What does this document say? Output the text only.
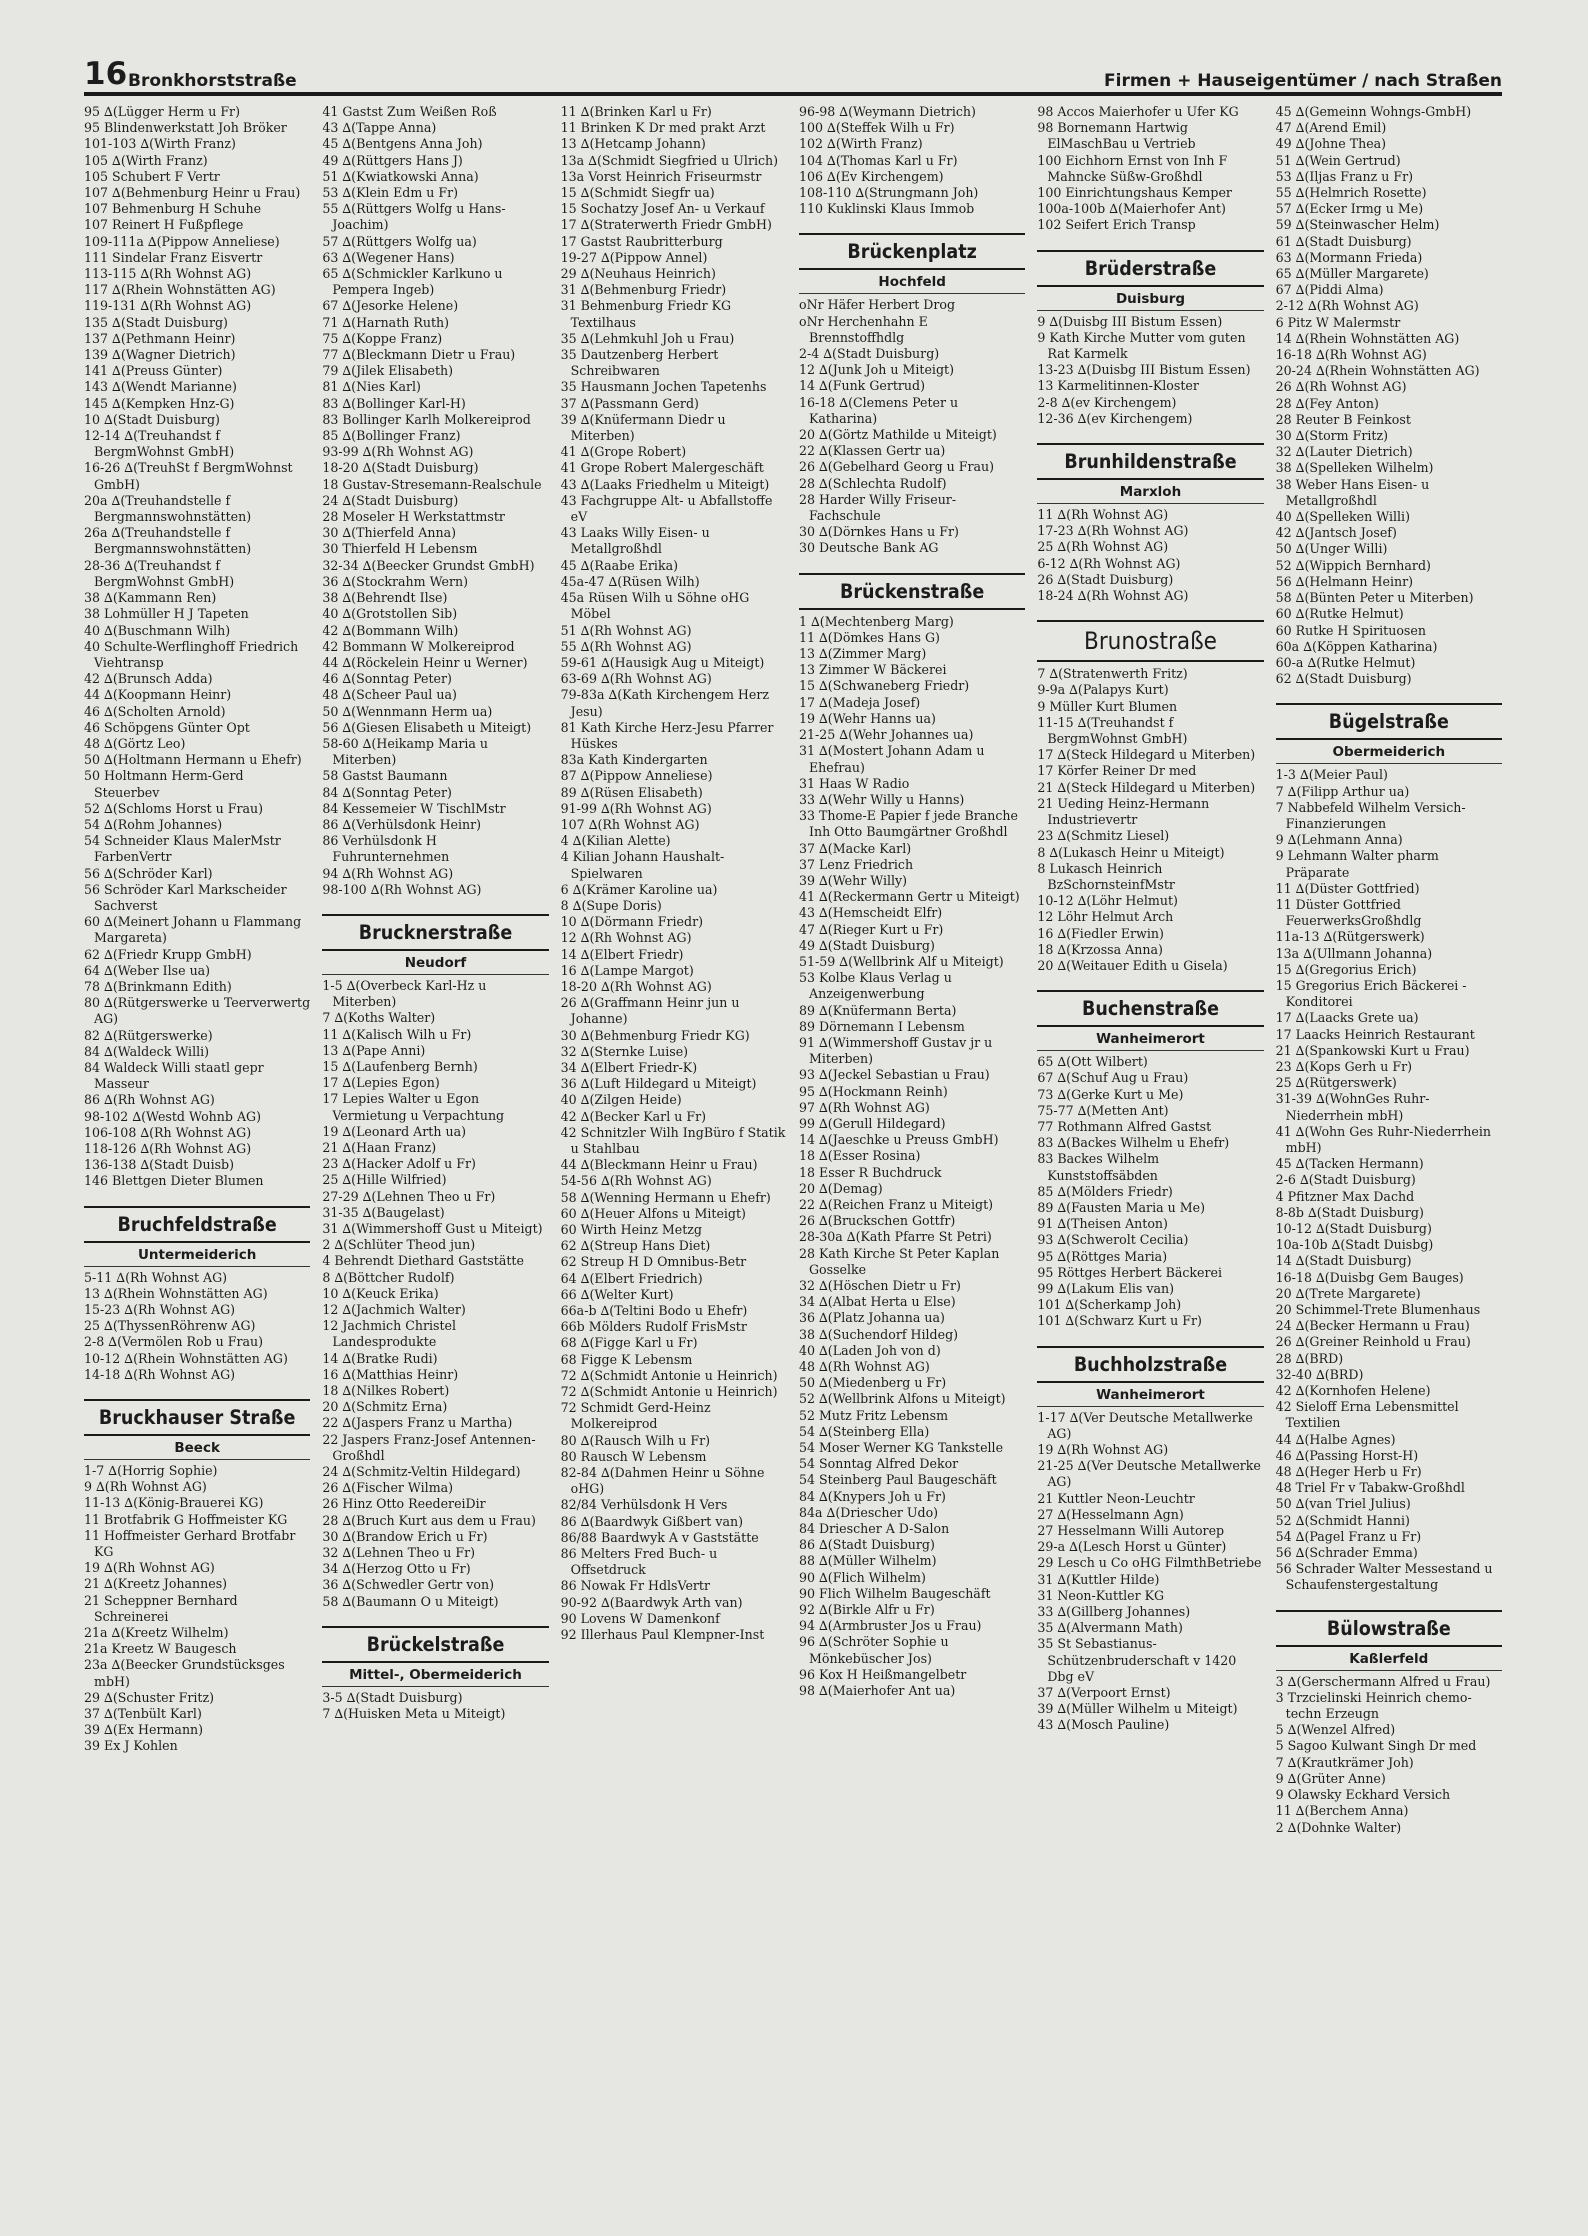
16 Bronkhorststraße	Firmen + Hauseigentümer / nach Straßen
95 ∆(Lügger Herm u Fr)
95 Blindenwerkstatt Joh Bröker
101-103 ∆(Wirth Franz)
105 ∆(Wirth Franz)
105 Schubert F Vertr
107 ∆(Behmenburg Heinr u Frau)
107 Behmenburg H Schuhe
107 Reinert H Fußpflege
109-111a ∆(Pippow Anneliese)
111 Sindelar Franz Eisvertr
113-115 ∆(Rh Wohnst AG)
117 ∆(Rhein Wohnstätten AG)
119-131 ∆(Rh Wohnst AG)
135 ∆(Stadt Duisburg)
137 ∆(Pethmann Heinr)
139 ∆(Wagner Dietrich)
141 ∆(Preuss Günter)
143 ∆(Wendt Marianne)
145 ∆(Kempken Hnz-G)
10 ∆(Stadt Duisburg)
12-14 ∆(Treuhandst f BergmWohnst GmbH)
16-26 ∆(TreuhSt f BergmWohnst GmbH)
20a ∆(Treuhandstelle f Bergmannswohnstätten)
26a ∆(Treuhandstelle f Bergmannswohnstätten)
28-36 ∆(Treuhandst f BergmWohnst GmbH)
38 ∆(Kammann Ren)
38 Lohmüller H J Tapeten
40 ∆(Buschmann Wilh)
40 Schulte-Werflinghoff Friedrich Viehtransp
42 ∆(Brunsch Adda)
44 ∆(Koopmann Heinr)
46 ∆(Scholten Arnold)
46 Schöpgens Günter Opt
48 ∆(Görtz Leo)
50 ∆(Holtmann Hermann u Ehefr)
50 Holtmann Herm-Gerd Steuerbev
52 ∆(Schloms Horst u Frau)
54 ∆(Rohm Johannes)
54 Schneider Klaus MalerMstr FarbenVertr
56 ∆(Schröder Karl)
56 Schröder Karl Markscheider Sachverst
60 ∆(Meinert Johann u Flammang Margareta)
62 ∆(Friedr Krupp GmbH)
64 ∆(Weber Ilse ua)
78 ∆(Brinkmann Edith)
80 ∆(Rütgerswerke u Teerverwertg AG)
82 ∆(Rütgerswerke)
84 ∆(Waldeck Willi)
84 Waldeck Willi staatl gepr Masseur
86 ∆(Rh Wohnst AG)
98-102 ∆(Westd Wohnb AG)
106-108 ∆(Rh Wohnst AG)
118-126 ∆(Rh Wohnst AG)
136-138 ∆(Stadt Duisb)
146 Blettgen Dieter Blumen
Bruchfeldstraße
Untermeiderich
5-11 ∆(Rh Wohnst AG)
13 ∆(Rhein Wohnstätten AG)
15-23 ∆(Rh Wohnst AG)
25 ∆(ThyssenRöhrenw AG)
2-8 ∆(Vermölen Rob u Frau)
10-12 ∆(Rhein Wohnstätten AG)
14-18 ∆(Rh Wohnst AG)
Bruckhauser Straße
Beeck
1-7 ∆(Horrig Sophie)
9 ∆(Rh Wohnst AG)
11-13 ∆(König-Brauerei KG)
11 Brotfabrik G Hoffmeister KG
11 Hoffmeister Gerhard Brotfabr KG
19 ∆(Rh Wohnst AG)
21 ∆(Kreetz Johannes)
21 Scheppner Bernhard Schreinerei
21a ∆(Kreetz Wilhelm)
21a Kreetz W Baugesch
23a ∆(Beecker Grundstücksges mbH)
29 ∆(Schuster Fritz)
37 ∆(Tenbült Karl)
39 ∆(Ex Hermann)
39 Ex J Kohlen
41 Gastst Zum Weißen Roß
43 ∆(Tappe Anna)
45 ∆(Bentgens Anna Joh)
49 ∆(Rüttgers Hans J)
51 ∆(Kwiatkowski Anna)
53 ∆(Klein Edm u Fr)
55 ∆(Rüttgers Wolfg u Hans-Joachim)
57 ∆(Rüttgers Wolfg ua)
63 ∆(Wegener Hans)
65 ∆(Schmickler Karlkuno u Pempera Ingeb)
67 ∆(Jesorke Helene)
71 ∆(Harnath Ruth)
75 ∆(Koppe Franz)
77 ∆(Bleckmann Dietr u Frau)
79 ∆(Jilek Elisabeth)
81 ∆(Nies Karl)
83 ∆(Bollinger Karl-H)
83 Bollinger Karlh Molkereiprod
85 ∆(Bollinger Franz)
93-99 ∆(Rh Wohnst AG)
18-20 ∆(Stadt Duisburg)
18 Gustav-Stresemann-Realschule
24 ∆(Stadt Duisburg)
28 Moseler H Werkstattmstr
30 ∆(Thierfeld Anna)
30 Thierfeld H Lebensm
32-34 ∆(Beecker Grundst GmbH)
36 ∆(Stockrahm Wern)
38 ∆(Behrendt Ilse)
40 ∆(Grotstollen Sib)
42 ∆(Bommann Wilh)
42 Bommann W Molkereiprod
44 ∆(Röckelein Heinr u Werner)
46 ∆(Sonntag Peter)
48 ∆(Scheer Paul ua)
50 ∆(Wennmann Herm ua)
56 ∆(Giesen Elisabeth u Miteigt)
58-60 ∆(Heikamp Maria u Miterben)
58 Gastst Baumann
84 ∆(Sonntag Peter)
84 Kessemeier W TischlMstr
86 ∆(Verhülsdonk Heinr)
86 Verhülsdonk H Fuhrunternehmen
94 ∆(Rh Wohnst AG)
98-100 ∆(Rh Wohnst AG)
Brucknerstraße
Neudorf
1-5 ∆(Overbeck Karl-Hz u Miterben)
7 ∆(Koths Walter)
11 ∆(Kalisch Wilh u Fr)
13 ∆(Pape Anni)
15 ∆(Laufenberg Bernh)
17 ∆(Lepies Egon)
17 Lepies Walter u Egon Vermietung u Verpachtung
19 ∆(Leonard Arth ua)
21 ∆(Haan Franz)
23 ∆(Hacker Adolf u Fr)
25 ∆(Hille Wilfried)
27-29 ∆(Lehnen Theo u Fr)
31-35 ∆(Baugelast)
31 ∆(Wimmershoff Gust u Miteigt)
2 ∆(Schlüter Theod jun)
4 Behrendt Diethard Gaststätte
8 ∆(Böttcher Rudolf)
10 ∆(Keuck Erika)
12 ∆(Jachmich Walter)
12 Jachmich Christel Landesprodukte
14 ∆(Bratke Rudi)
16 ∆(Matthias Heinr)
18 ∆(Nilkes Robert)
20 ∆(Schmitz Erna)
22 ∆(Jaspers Franz u Martha)
22 Jaspers Franz-Josef Antennen-Großhdl
24 ∆(Schmitz-Veltin Hildegard)
26 ∆(Fischer Wilma)
26 Hinz Otto ReedereiDir
28 ∆(Bruch Kurt aus dem u Frau)
30 ∆(Brandow Erich u Fr)
32 ∆(Lehnen Theo u Fr)
34 ∆(Herzog Otto u Fr)
36 ∆(Schwedler Gertr von)
58 ∆(Baumann O u Miteigt)
Brückelstraße
Mittel-, Obermeiderich
3-5 ∆(Stadt Duisburg)
7 ∆(Huisken Meta u Miteigt)
11 ∆(Brinken Karl u Fr)
11 Brinken K Dr med prakt Arzt
13 ∆(Hetcamp Johann)
13a ∆(Schmidt Siegfried u Ulrich)
13a Vorst Heinrich Friseurmstr
15 ∆(Schmidt Siegfr ua)
15 Sochatzy Josef An- u Verkauf
17 ∆(Straterwerth Friedr GmbH)
17 Gastst Raubritterburg
19-27 ∆(Pippow Annel)
29 ∆(Neuhaus Heinrich)
31 ∆(Behmenburg Friedr)
31 Behmenburg Friedr KG Textilhaus
35 ∆(Lehmkuhl Joh u Frau)
35 Dautzenberg Herbert Schreibwaren
35 Hausmann Jochen Tapetenhs
37 ∆(Passmann Gerd)
39 ∆(Knüfermann Diedr u Miterben)
41 ∆(Grope Robert)
41 Grope Robert Malergeschäft
43 ∆(Laaks Friedhelm u Miteigt)
43 Fachgruppe Alt- u Abfallstoffe eV
43 Laaks Willy Eisen- u Metallgroßhdl
45 ∆(Raabe Erika)
45a-47 ∆(Rüsen Wilh)
45a Rüsen Wilh u Söhne oHG Möbel
51 ∆(Rh Wohnst AG)
55 ∆(Rh Wohnst AG)
59-61 ∆(Hausigk Aug u Miteigt)
63-69 ∆(Rh Wohnst AG)
79-83a ∆(Kath Kirchengem Herz Jesu)
81 Kath Kirche Herz-Jesu Pfarrer Hüskes
83a Kath Kindergarten
87 ∆(Pippow Anneliese)
89 ∆(Rüsen Elisabeth)
91-99 ∆(Rh Wohnst AG)
107 ∆(Rh Wohnst AG)
4 ∆(Kilian Alette)
4 Kilian Johann Haushalt-Spielwaren
6 ∆(Krämer Karoline ua)
8 ∆(Supe Doris)
10 ∆(Dörmann Friedr)
12 ∆(Rh Wohnst AG)
14 ∆(Elbert Friedr)
16 ∆(Lampe Margot)
18-20 ∆(Rh Wohnst AG)
26 ∆(Graffmann Heinr jun u Johanne)
30 ∆(Behmenburg Friedr KG)
32 ∆(Sternke Luise)
34 ∆(Elbert Friedr-K)
36 ∆(Luft Hildegard u Miteigt)
40 ∆(Zilgen Heide)
42 ∆(Becker Karl u Fr)
42 Schnitzler Wilh IngBüro f Statik u Stahlbau
44 ∆(Bleckmann Heinr u Frau)
54-56 ∆(Rh Wohnst AG)
58 ∆(Wenning Hermann u Ehefr)
60 ∆(Heuer Alfons u Miteigt)
60 Wirth Heinz Metzg
62 ∆(Streup Hans Diet)
62 Streup H D Omnibus-Betr
64 ∆(Elbert Friedrich)
66 ∆(Welter Kurt)
66a-b ∆(Teltini Bodo u Ehefr)
66b Mölders Rudolf FrisMstr
68 ∆(Figge Karl u Fr)
68 Figge K Lebensm
72 ∆(Schmidt Antonie u Heinrich)
72 ∆(Schmidt Antonie u Heinrich)
72 Schmidt Gerd-Heinz Molkereiprod
80 ∆(Rausch Wilh u Fr)
80 Rausch W Lebensm
82-84 ∆(Dahmen Heinr u Söhne oHG)
82/84 Verhülsdonk H Vers
86 ∆(Baardwyk Gißbert van)
86/88 Baardwyk A v Gaststätte
86 Melters Fred Buch- u Offsetdruck
86 Nowak Fr HdlsVertr
90-92 ∆(Baardwyk Arth van)
90 Lovens W Damenkonf
92 Illerhaus Paul Klempner-Inst
96-98 ∆(Weymann Dietrich)
100 ∆(Steffek Wilh u Fr)
102 ∆(Wirth Franz)
104 ∆(Thomas Karl u Fr)
106 ∆(Ev Kirchengem)
108-110 ∆(Strungmann Joh)
110 Kuklinski Klaus Immob
Brückenplatz
Hochfeld
oNr Häfer Herbert Drog
oNr Herchenhahn E Brennstoffhdlg
2-4 ∆(Stadt Duisburg)
12 ∆(Junk Joh u Miteigt)
14 ∆(Funk Gertrud)
16-18 ∆(Clemens Peter u Katharina)
20 ∆(Görtz Mathilde u Miteigt)
22 ∆(Klassen Gertr ua)
26 ∆(Gebelhard Georg u Frau)
28 ∆(Schlechta Rudolf)
28 Harder Willy Friseur-Fachschule
30 ∆(Dörnkes Hans u Fr)
30 Deutsche Bank AG
Brückenstraße
1 ∆(Mechtenberg Marg)
11 ∆(Dömkes Hans G)
13 ∆(Zimmer Marg)
13 Zimmer W Bäckerei
15 ∆(Schwaneberg Friedr)
17 ∆(Madeja Josef)
19 ∆(Wehr Hanns ua)
21-25 ∆(Wehr Johannes ua)
31 ∆(Mostert Johann Adam u Ehefrau)
31 Haas W Radio
33 ∆(Wehr Willy u Hanns)
33 Thome-E Papier f jede Branche Inh Otto Baumgärtner Großhdl
37 ∆(Macke Karl)
37 Lenz Friedrich
39 ∆(Wehr Willy)
41 ∆(Reckermann Gertr u Miteigt)
43 ∆(Hemscheidt Elfr)
47 ∆(Rieger Kurt u Fr)
49 ∆(Stadt Duisburg)
51-59 ∆(Wellbrink Alf u Miteigt)
53 Kolbe Klaus Verlag u Anzeigenwerbung
89 ∆(Knüfermann Berta)
89 Dörnemann I Lebensm
91 ∆(Wimmershoff Gustav jr u Miterben)
93 ∆(Jeckel Sebastian u Frau)
95 ∆(Hockmann Reinh)
97 ∆(Rh Wohnst AG)
99 ∆(Gerull Hildegard)
14 ∆(Jaeschke u Preuss GmbH)
18 ∆(Esser Rosina)
18 Esser R Buchdruck
20 ∆(Demag)
22 ∆(Reichen Franz u Miteigt)
26 ∆(Bruckschen Gottfr)
28-30a ∆(Kath Pfarre St Petri)
28 Kath Kirche St Peter Kaplan Gosselke
32 ∆(Höschen Dietr u Fr)
34 ∆(Albat Herta u Else)
36 ∆(Platz Johanna ua)
38 ∆(Suchendorf Hildeg)
40 ∆(Laden Joh von d)
48 ∆(Rh Wohnst AG)
50 ∆(Miedenberg u Fr)
52 ∆(Wellbrink Alfons u Miteigt)
52 Mutz Fritz Lebensm
54 ∆(Steinberg Ella)
54 Moser Werner KG Tankstelle
54 Sonntag Alfred Dekor
54 Steinberg Paul Baugeschäft
84 ∆(Knypers Joh u Fr)
84a ∆(Driescher Udo)
84 Driescher A D-Salon
86 ∆(Stadt Duisburg)
88 ∆(Müller Wilhelm)
90 ∆(Flich Wilhelm)
90 Flich Wilhelm Baugeschäft
92 ∆(Birkle Alfr u Fr)
94 ∆(Armbruster Jos u Frau)
96 ∆(Schröter Sophie u Mönkebüscher Jos)
96 Kox H Heißmangelbetr
98 ∆(Maierhofer Ant ua)
98 Accos Maierhofer u Ufer KG
98 Bornemann Hartwig ElMaschBau u Vertrieb
100 Eichhorn Ernst von Inh F Mahncke Süßw-Großhdl
100 Einrichtungshaus Kemper
100a-100b ∆(Maierhofer Ant)
102 Seifert Erich Transp
Brüderstraße
Duisburg
9 ∆(Duisbg III Bistum Essen)
9 Kath Kirche Mutter vom guten Rat Karmelk
13-23 ∆(Duisbg III Bistum Essen)
13 Karmelitinnen-Kloster
2-8 ∆(ev Kirchengem)
12-36 ∆(ev Kirchengem)
Brunhildenstraße
Marxloh
11 ∆(Rh Wohnst AG)
17-23 ∆(Rh Wohnst AG)
25 ∆(Rh Wohnst AG)
6-12 ∆(Rh Wohnst AG)
26 ∆(Stadt Duisburg)
18-24 ∆(Rh Wohnst AG)
Brunostraße
7 ∆(Stratenwerth Fritz)
9-9a ∆(Palapys Kurt)
9 Müller Kurt Blumen
11-15 ∆(Treuhandst f BergmWohnst GmbH)
17 ∆(Steck Hildegard u Miterben)
17 Körfer Reiner Dr med
21 ∆(Steck Hildegard u Miterben)
21 Ueding Heinz-Hermann Industrievertr
23 ∆(Schmitz Liesel)
8 ∆(Lukasch Heinr u Miteigt)
8 Lukasch Heinrich BzSchornsteinfMstr
10-12 ∆(Löhr Helmut)
12 Löhr Helmut Arch
16 ∆(Fiedler Erwin)
18 ∆(Krzossa Anna)
20 ∆(Weitauer Edith u Gisela)
Buchenstraße
Wanheimerort
65 ∆(Ott Wilbert)
67 ∆(Schuf Aug u Frau)
73 ∆(Gerke Kurt u Me)
75-77 ∆(Metten Ant)
77 Rothmann Alfred Gastst
83 ∆(Backes Wilhelm u Ehefr)
83 Backes Wilhelm Kunststoffsäbden
85 ∆(Mölders Friedr)
89 ∆(Fausten Maria u Me)
91 ∆(Theisen Anton)
93 ∆(Schwerolt Cecilia)
95 ∆(Röttges Maria)
95 Röttges Herbert Bäckerei
99 ∆(Lakum Elis van)
101 ∆(Scherkamp Joh)
101 ∆(Schwarz Kurt u Fr)
Buchholzstraße
Wanheimerort
1-17 ∆(Ver Deutsche Metallwerke AG)
19 ∆(Rh Wohnst AG)
21-25 ∆(Ver Deutsche Metallwerke AG)
21 Kuttler Neon-Leuchtr
27 ∆(Hesselmann Agn)
27 Hesselmann Willi Autorep
29-a ∆(Lesch Horst u Günter)
29 Lesch u Co oHG FilmthBetriebe
31 ∆(Kuttler Hilde)
31 Neon-Kuttler KG
33 ∆(Gillberg Johannes)
35 ∆(Alvermann Math)
35 St Sebastianus-Schützenbruderschaft v 1420 Dbg eV
37 ∆(Verpoort Ernst)
39 ∆(Müller Wilhelm u Miteigt)
43 ∆(Mosch Pauline)
45 ∆(Gemeinn Wohngs-GmbH)
47 ∆(Arend Emil)
49 ∆(Johne Thea)
51 ∆(Wein Gertrud)
53 ∆(Iljas Franz u Fr)
55 ∆(Helmrich Rosette)
57 ∆(Ecker Irmg u Me)
59 ∆(Steinwascher Helm)
61 ∆(Stadt Duisburg)
63 ∆(Mormann Frieda)
65 ∆(Müller Margarete)
67 ∆(Piddi Alma)
2-12 ∆(Rh Wohnst AG)
6 Pitz W Malermstr
14 ∆(Rhein Wohnstätten AG)
16-18 ∆(Rh Wohnst AG)
20-24 ∆(Rhein Wohnstätten AG)
26 ∆(Rh Wohnst AG)
28 ∆(Fey Anton)
28 Reuter B Feinkost
30 ∆(Storm Fritz)
32 ∆(Lauter Dietrich)
38 ∆(Spelleken Wilhelm)
38 Weber Hans Eisen- u Metallgroßhdl
40 ∆(Spelleken Willi)
42 ∆(Jantsch Josef)
50 ∆(Unger Willi)
52 ∆(Wippich Bernhard)
56 ∆(Helmann Heinr)
58 ∆(Bünten Peter u Miterben)
60 ∆(Rutke Helmut)
60 Rutke H Spirituosen
60a ∆(Köppen Katharina)
60-a ∆(Rutke Helmut)
62 ∆(Stadt Duisburg)
Bügelstraße
Obermeiderich
1-3 ∆(Meier Paul)
7 ∆(Filipp Arthur ua)
7 Nabbefeld Wilhelm Versich-Finanzierungen
9 ∆(Lehmann Anna)
9 Lehmann Walter pharm Präparate
11 ∆(Düster Gottfried)
11 Düster Gottfried FeuerwerksGroßhdlg
11a-13 ∆(Rütgerswerk)
13a ∆(Ullmann Johanna)
15 ∆(Gregorius Erich)
15 Gregorius Erich Bäckerei - Konditorei
17 ∆(Laacks Grete ua)
17 Laacks Heinrich Restaurant
21 ∆(Spankowski Kurt u Frau)
23 ∆(Kops Gerh u Fr)
25 ∆(Rütgerswerk)
31-39 ∆(WohnGes Ruhr-Niederrhein mbH)
41 ∆(Wohn Ges Ruhr-Niederrhein mbH)
45 ∆(Tacken Hermann)
2-6 ∆(Stadt Duisburg)
4 Pfitzner Max Dachd
8-8b ∆(Stadt Duisburg)
10-12 ∆(Stadt Duisburg)
10a-10b ∆(Stadt Duisbg)
14 ∆(Stadt Duisburg)
16-18 ∆(Duisbg Gem Bauges)
20 ∆(Trete Margarete)
20 Schimmel-Trete Blumenhaus
24 ∆(Becker Hermann u Frau)
26 ∆(Greiner Reinhold u Frau)
28 ∆(BRD)
32-40 ∆(BRD)
42 ∆(Kornhofen Helene)
42 Sieloff Erna Lebensmittel Textilien
44 ∆(Halbe Agnes)
46 ∆(Passing Horst-H)
48 ∆(Heger Herb u Fr)
48 Triel Fr v Tabakw-Großhdl
50 ∆(van Triel Julius)
52 ∆(Schmidt Hanni)
54 ∆(Pagel Franz u Fr)
56 ∆(Schrader Emma)
56 Schrader Walter Messestand u Schaufenstergestaltung
Bülowstraße
Kaßlerfeld
3 ∆(Gerschermann Alfred u Frau)
3 Trzcielinski Heinrich chemo-techn Erzeugn
5 ∆(Wenzel Alfred)
5 Sagoo Kulwant Singh Dr med
7 ∆(Krautkrämer Joh)
9 ∆(Grüter Anne)
9 Olawsky Eckhard Versich
11 ∆(Berchem Anna)
2 ∆(Dohnke Walter)
